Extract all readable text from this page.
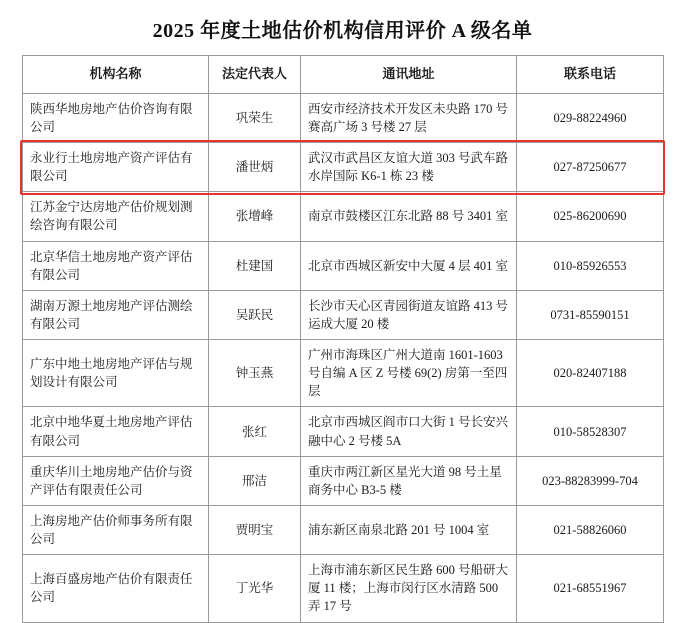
2025 年度土地估价机构信用评价 A 级名单
机构名称	法定代表人	通讯地址	联系电话
陕西华地房地产估价咨询有限公司	巩荣生	西安市经济技术开发区未央路 170 号赛高广场 3 号楼 27 层	029-88224960
永业行土地房地产资产评估有限公司	潘世炳	武汉市武昌区友谊大道 303 号武车路水岸国际 K6-1 栋 23 楼	027-87250677
江苏金宁达房地产估价规划测绘咨询有限公司	张增峰	南京市鼓楼区江东北路 88 号 3401 室	025-86200690
北京华信土地房地产资产评估有限公司	杜建国	北京市西城区新安中大厦 4 层 401 室	010-85926553
湖南万源土地房地产评估测绘有限公司	吴跃民	长沙市天心区青园街道友谊路 413 号运成大厦 20 楼	0731-85590151
广东中地土地房地产评估与规划设计有限公司	钟玉燕	广州市海珠区广州大道南 1601-1603 号自编 A 区 Z 号楼 69(2) 房第一至四层	020-82407188
北京中地华夏土地房地产评估有限公司	张红	北京市西城区阎市口大街 1 号长安兴融中心 2 号楼 5A	010-58528307
重庆华川土地房地产估价与资产评估有限责任公司	邢洁	重庆市两江新区星光大道 98 号土星商务中心 B3-5 楼	023-88283999-704
上海房地产估价师事务所有限公司	贾明宝	浦东新区南泉北路 201 号 1004 室	021-58826060
上海百盛房地产估价有限责任公司	丁光华	上海市浦东新区民生路 600 号船研大厦 11 楼；上海市闵行区水清路 500 弄 17 号	021-68551967
